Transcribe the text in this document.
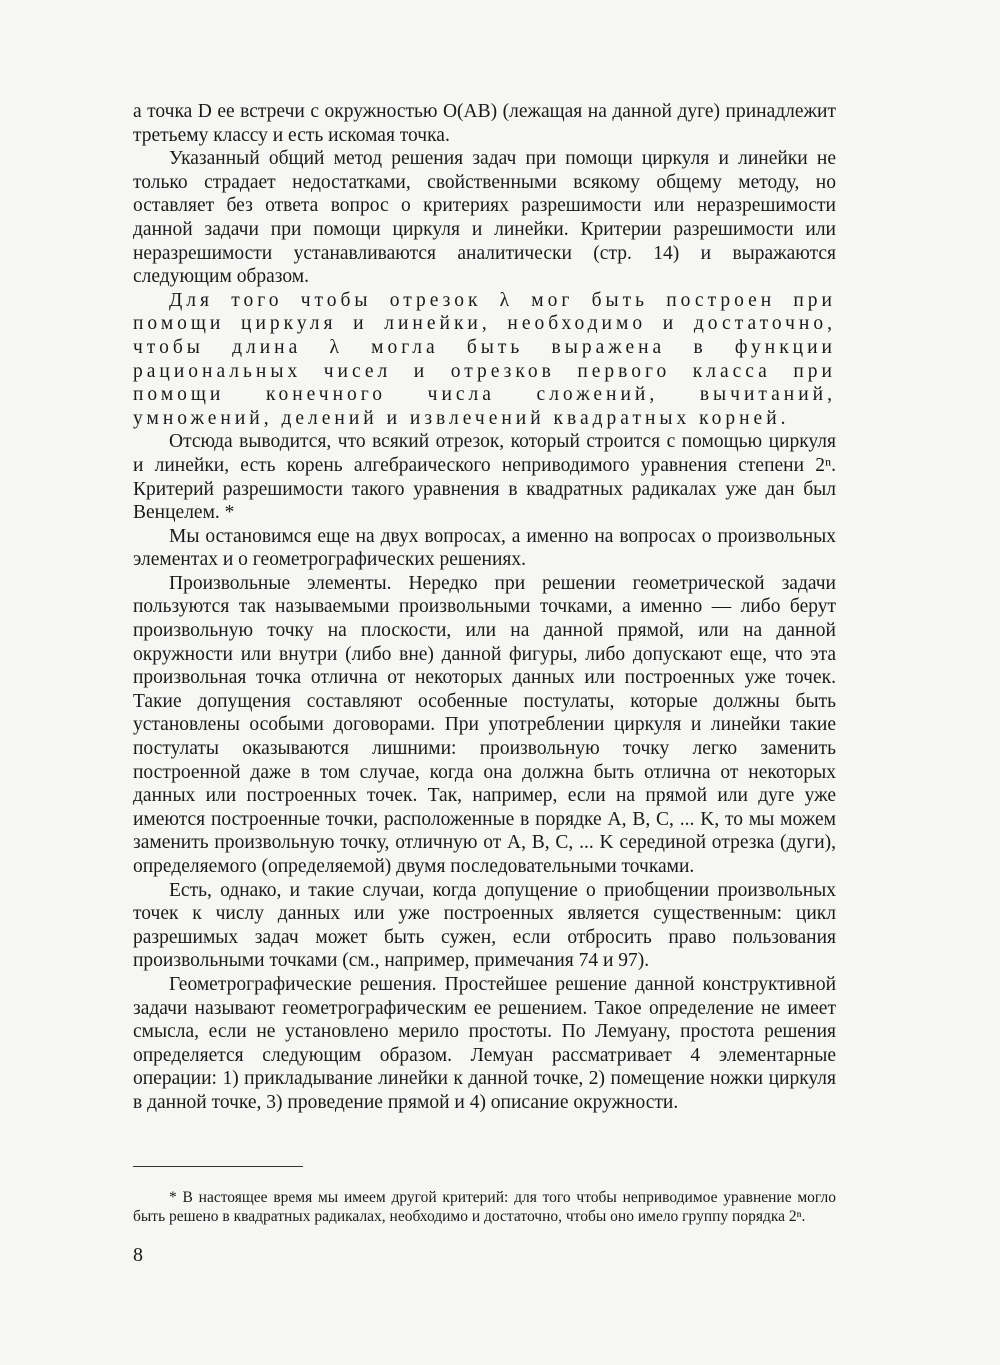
а точка D ее встречи с окружностью O(AB) (лежащая на данной дуге) принадлежит третьему классу и есть искомая точка.

Указанный общий метод решения задач при помощи циркуля и линейки не только страдает недостатками, свойственными всякому общему методу, но оставляет без ответа вопрос о критериях разрешимости или неразрешимости данной задачи при помощи циркуля и линейки. Критерии разрешимости или неразрешимости устанавливаются аналитически (стр. 14) и выражаются следующим образом.

Для того чтобы отрезок λ мог быть построен при помощи циркуля и линейки, необходимо и достаточно, чтобы длина λ могла быть выражена в функции рациональных чисел и отрезков первого класса при помощи конечного числа сложений, вычитаний, умножений, делений и извлечений квадратных корней.

Отсюда выводится, что всякий отрезок, который строится с помощью циркуля и линейки, есть корень алгебраического неприводимого уравнения степени 2ⁿ. Критерий разрешимости такого уравнения в квадратных радикалах уже дан был Венцелем. *

Мы остановимся еще на двух вопросах, а именно на вопросах о произвольных элементах и о геометрографических решениях.

Произвольные элементы. Нередко при решении геометрической задачи пользуются так называемыми произвольными точками, а именно — либо берут произвольную точку на плоскости, или на данной прямой, или на данной окружности или внутри (либо вне) данной фигуры, либо допускают еще, что эта произвольная точка отлична от некоторых данных или построенных уже точек. Такие допущения составляют особенные постулаты, которые должны быть установлены особыми договорами. При употреблении циркуля и линейки такие постулаты оказываются лишними: произвольную точку легко заменить построенной даже в том случае, когда она должна быть отлична от некоторых данных или построенных точек. Так, например, если на прямой или дуге уже имеются построенные точки, расположенные в порядке A, B, C, ... K, то мы можем заменить произвольную точку, отличную от A, B, C, ... K серединой отрезка (дуги), определяемого (определяемой) двумя последовательными точками.

Есть, однако, и такие случаи, когда допущение о приобщении произвольных точек к числу данных или уже построенных является существенным: цикл разрешимых задач может быть сужен, если отбросить право пользования произвольными точками (см., например, примечания 74 и 97).

Геометрографические решения. Простейшее решение данной конструктивной задачи называют геометрографическим ее решением. Такое определение не имеет смысла, если не установлено мерило простоты. По Лемуану, простота решения определяется следующим образом. Лемуан рассматривает 4 элементарные операции: 1) прикладывание линейки к данной точке, 2) помещение ножки циркуля в данной точке, 3) проведение прямой и 4) описание окружности.

* В настоящее время мы имеем другой критерий: для того чтобы неприводимое уравнение могло быть решено в квадратных радикалах, необходимо и достаточно, чтобы оно имело группу порядка 2ⁿ.

8
